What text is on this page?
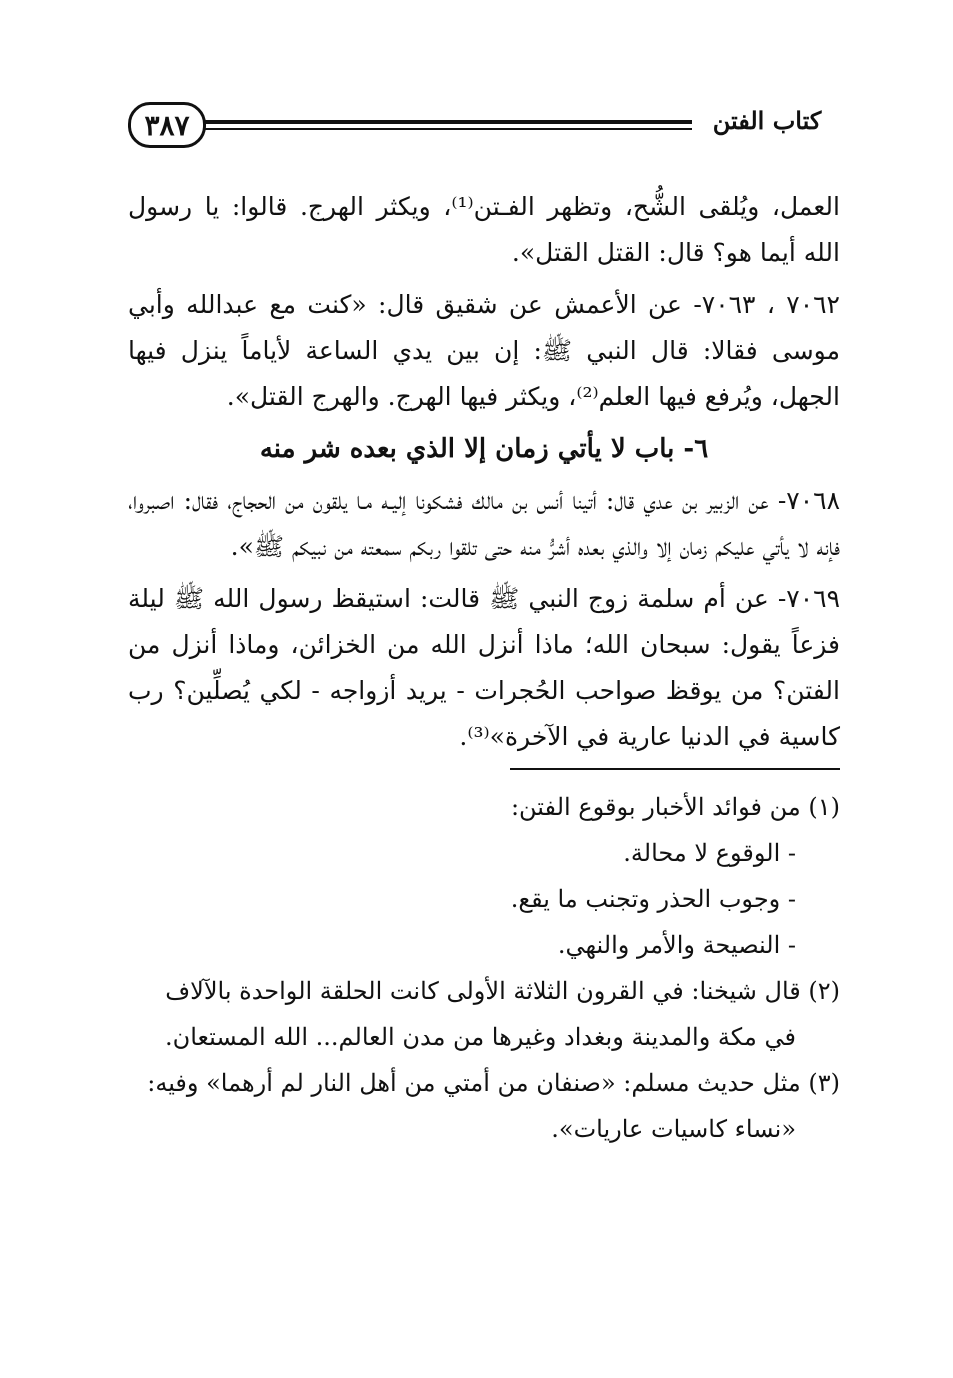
٣٨٧	كتاب الفتن

العمل، ويُلقى الشُّح، وتظهر الفـتن⁽¹⁾، ويكثر الهرج. قالوا: يا رسول الله أيما هو؟ قال: القتل القتل».

٧٠٦٢ ، ٧٠٦٣- عن الأعمش عن شقيق قال: «كنت مع عبدالله وأبي موسى فقالا: قال النبي ﷺ: إن بين يدي الساعة لأياماً ينزل فيها الجهل، ويُرفع فيها العلم⁽²⁾، ويكثر فيها الهرج. والهرج القتل».

٦- باب لا يأتي زمان إلا الذي بعده شر منه

٧٠٦٨- عن الزبير بن عدي قال: أتينا أنس بن مالك فشكونا إليـه مـا يلقون من الحجاج، فقال: اصبروا، فإنه لا يأتي عليكم زمان إلا والذي بعده أشرُّ منه حتى تلقوا ربكم سمعته من نبيكم ﷺ».

٧٠٦٩- عن أم سلمة زوج النبي ﷺ قالت: استيقظ رسول الله ﷺ ليلة فزعاً يقول: سبحان الله؛ ماذا أنزل الله من الخزائن، وماذا أنزل من الفتن؟ من يوقظ صواحب الحُجرات - يريد أزواجه - لكي يُصلِّين؟ رب كاسية في الدنيا عارية في الآخرة»⁽³⁾.

(١) من فوائد الأخبار بوقوع الفتن:

- الوقوع لا محالة.

- وجوب الحذر وتجنب ما يقع.

- النصيحة والأمر والنهي.

(٢) قال شيخنا: في القرون الثلاثة الأولى كانت الحلقة الواحدة بالآلاف

في مكة والمدينة وبغداد وغيرها من مدن العالم... الله المستعان.

(٣) مثل حديث مسلم: «صنفان من أمتي من أهل النار لم أرهما» وفيه:

«نساء كاسيات عاريات».
